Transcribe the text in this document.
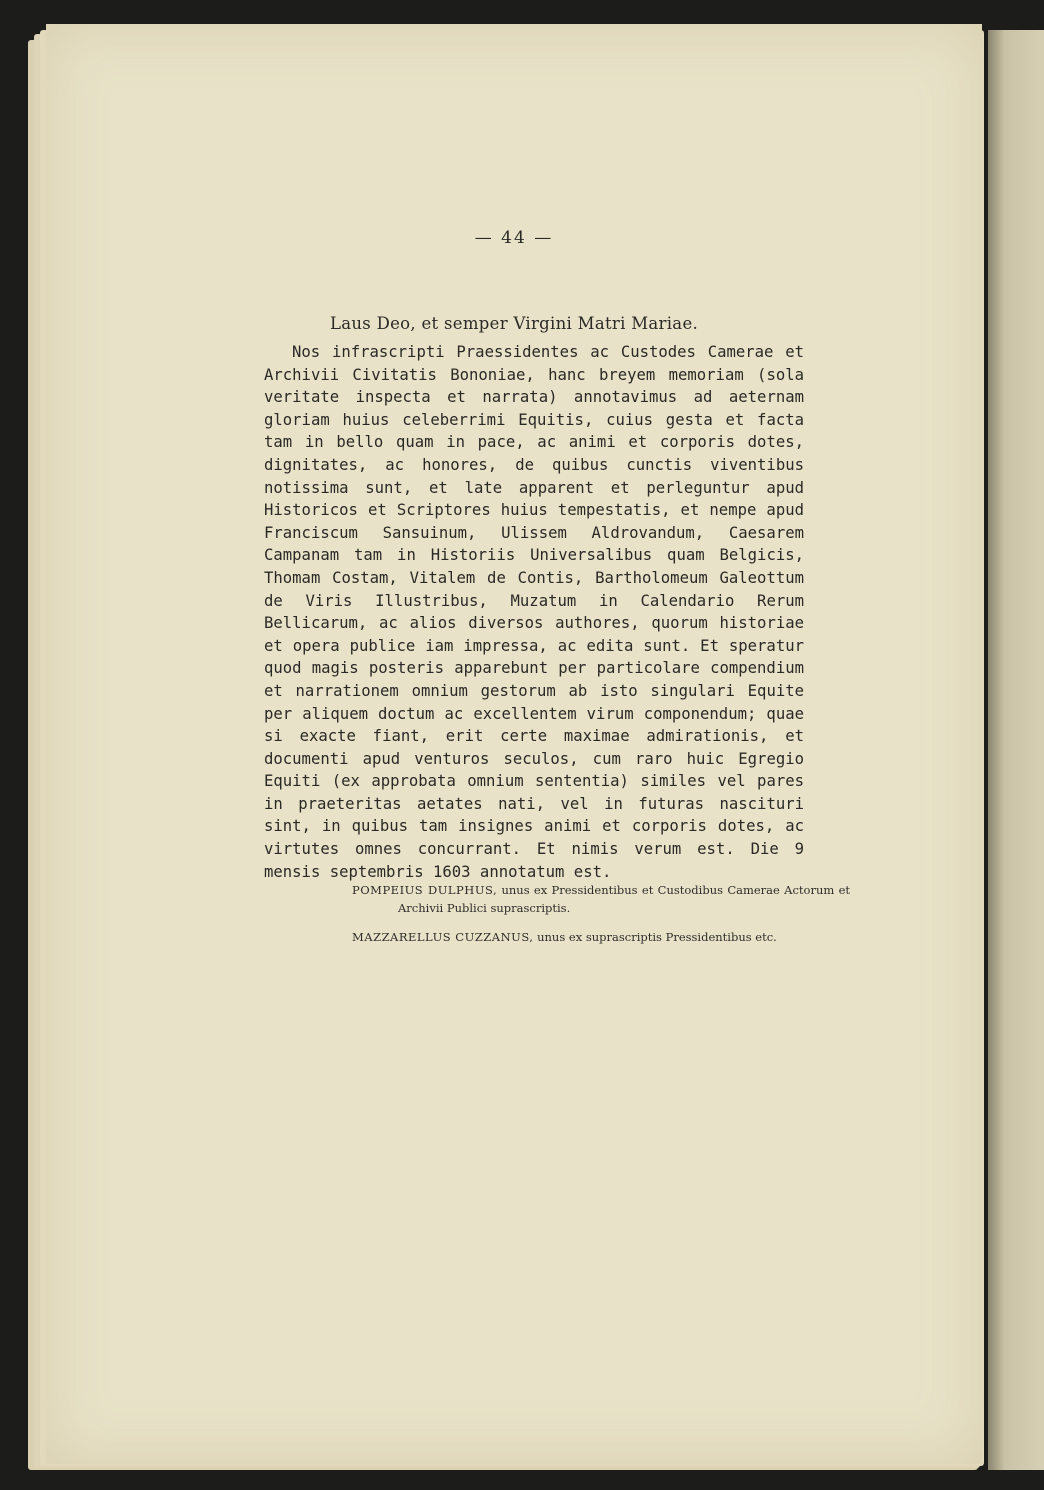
— 44 —
Laus Deo, et semper Virgini Matri Mariae.
Nos infrascripti Praessidentes ac Custodes Camerae et Archivii Civitatis Bononiae, hanc breyem memoriam (sola veritate inspecta et narrata) annotavimus ad aeternam gloriam huius celeberrimi Equitis, cuius gesta et facta tam in bello quam in pace, ac animi et corporis dotes, dignitates, ac honores, de quibus cunctis viventibus notissima sunt, et late apparent et perleguntur apud Historicos et Scriptores huius tempestatis, et nempe apud Franciscum Sansuinum, Ulissem Aldrovandum, Caesarem Campanam tam in Historiis Universalibus quam Belgicis, Thomam Costam, Vitalem de Contis, Bartholomeum Galeottum de Viris Illustribus, Muzatum in Calendario Rerum Bellicarum, ac alios diversos authores, quorum historiae et opera publice iam impressa, ac edita sunt. Et speratur quod magis posteris apparebunt per particolare compendium et narrationem omnium gestorum ab isto singulari Equite per aliquem doctum ac excellentem virum componendum; quae si exacte fiant, erit certe maximae admirationis, et documenti apud venturos seculos, cum raro huic Egregio Equiti (ex approbata omnium sententia) similes vel pares in praeteritas aetates nati, vel in futuras nascituri sint, in quibus tam insignes animi et corporis dotes, ac virtutes omnes concurrant. Et nimis verum est. Die 9 mensis septembris 1603 annotatum est.
POMPEIUS DULPHUS, unus ex Pressidentibus et Custodibus Camerae Actorum et Archivii Publici suprascriptis.
MAZZARELLUS CUZZANUS, unus ex suprascriptis Pressidentibus etc.
